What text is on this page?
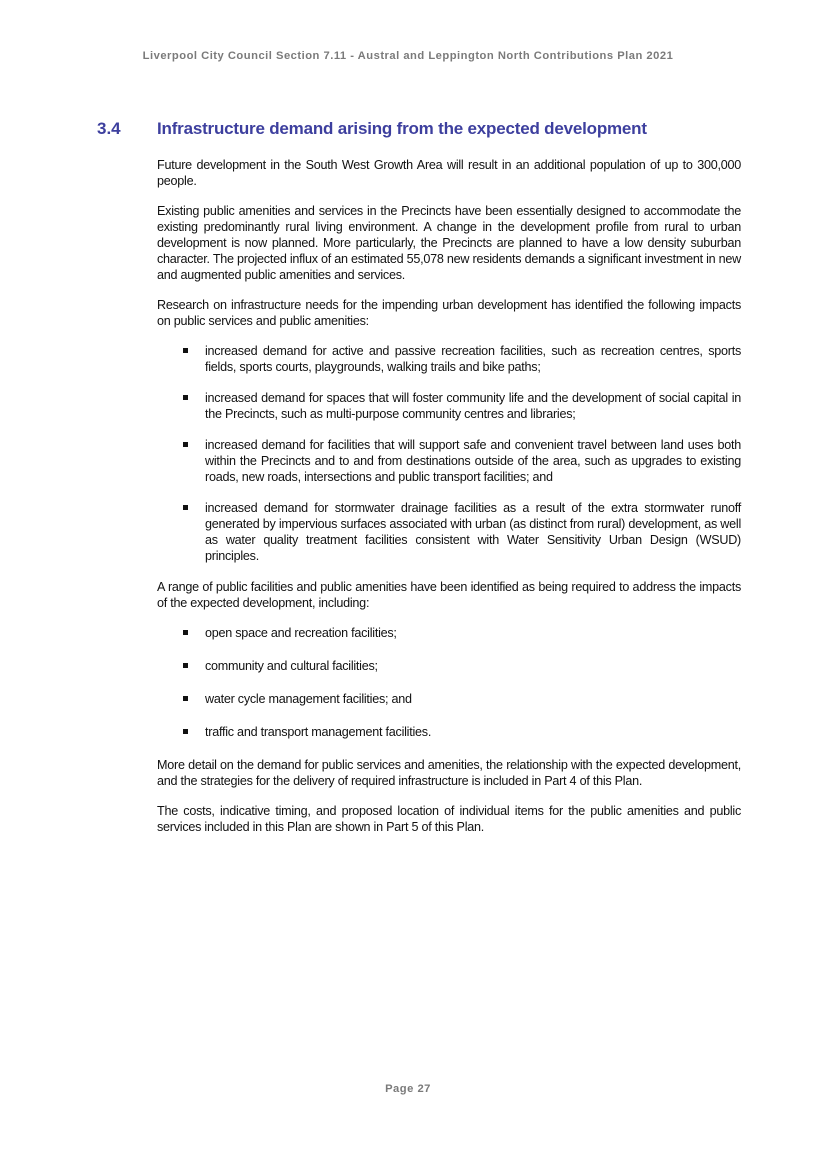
Liverpool City Council Section 7.11 - Austral and Leppington North Contributions Plan 2021
3.4 Infrastructure demand arising from the expected development

Future development in the South West Growth Area will result in an additional population of up to 300,000 people.

Existing public amenities and services in the Precincts have been essentially designed to accommodate the existing predominantly rural living environment. A change in the development profile from rural to urban development is now planned. More particularly, the Precincts are planned to have a low density suburban character. The projected influx of an estimated 55,078 new residents demands a significant investment in new and augmented public amenities and services.

Research on infrastructure needs for the impending urban development has identified the following impacts on public services and public amenities:

increased demand for active and passive recreation facilities, such as recreation centres, sports fields, sports courts, playgrounds, walking trails and bike paths;
increased demand for spaces that will foster community life and the development of social capital in the Precincts, such as multi-purpose community centres and libraries;
increased demand for facilities that will support safe and convenient travel between land uses both within the Precincts and to and from destinations outside of the area, such as upgrades to existing roads, new roads, intersections and public transport facilities; and
increased demand for stormwater drainage facilities as a result of the extra stormwater runoff generated by impervious surfaces associated with urban (as distinct from rural) development, as well as water quality treatment facilities consistent with Water Sensitivity Urban Design (WSUD) principles.

A range of public facilities and public amenities have been identified as being required to address the impacts of the expected development, including:

open space and recreation facilities;
community and cultural facilities;
water cycle management facilities; and
traffic and transport management facilities.

More detail on the demand for public services and amenities, the relationship with the expected development, and the strategies for the delivery of required infrastructure is included in Part 4 of this Plan.

The costs, indicative timing, and proposed location of individual items for the public amenities and public services included in this Plan are shown in Part 5 of this Plan.

Page 27
